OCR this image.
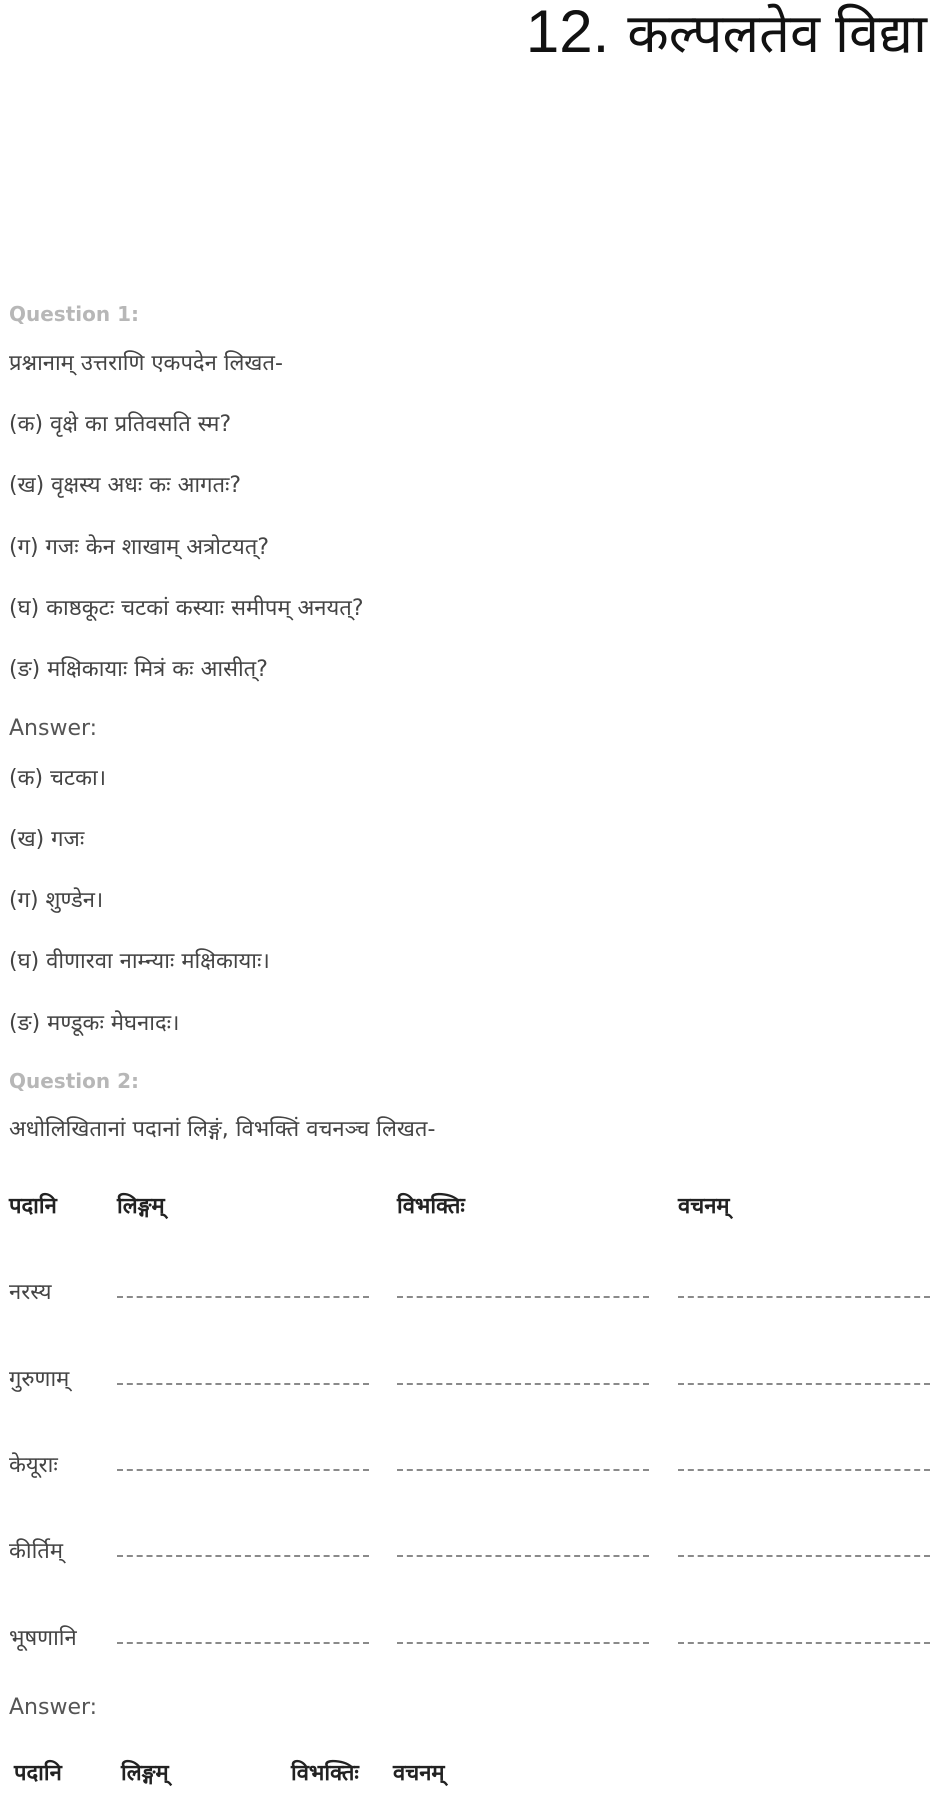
12. कल्पलतेव विद्या
Question 1:
प्रश्नानाम् उत्तराणि एकपदेन लिखत-
(क) वृक्षे का प्रतिवसति स्म?
(ख) वृक्षस्य अधः कः आगतः?
(ग) गजः केन शाखाम् अत्रोटयत्?
(घ) काष्ठकूटः चटकां कस्याः समीपम् अनयत्?
(ङ) मक्षिकायाः मित्रं कः आसीत्?
Answer:
(क) चटका।
(ख) गजः
(ग) शुण्डेन।
(घ) वीणारवा नाम्न्याः मक्षिकायाः।
(ङ) मण्डूकः मेघनादः।
Question 2:
अधोलिखितानां पदानां लिङ्गं, विभक्तिं वचनञ्च लिखत-
पदानि	लिङ्गम्	विभक्तिः	वचनम्
नरस्य
गुरुणाम्
केयूराः
कीर्तिम्
भूषणानि
Answer:
पदानि	लिङ्गम्	विभक्तिः वचनम्
